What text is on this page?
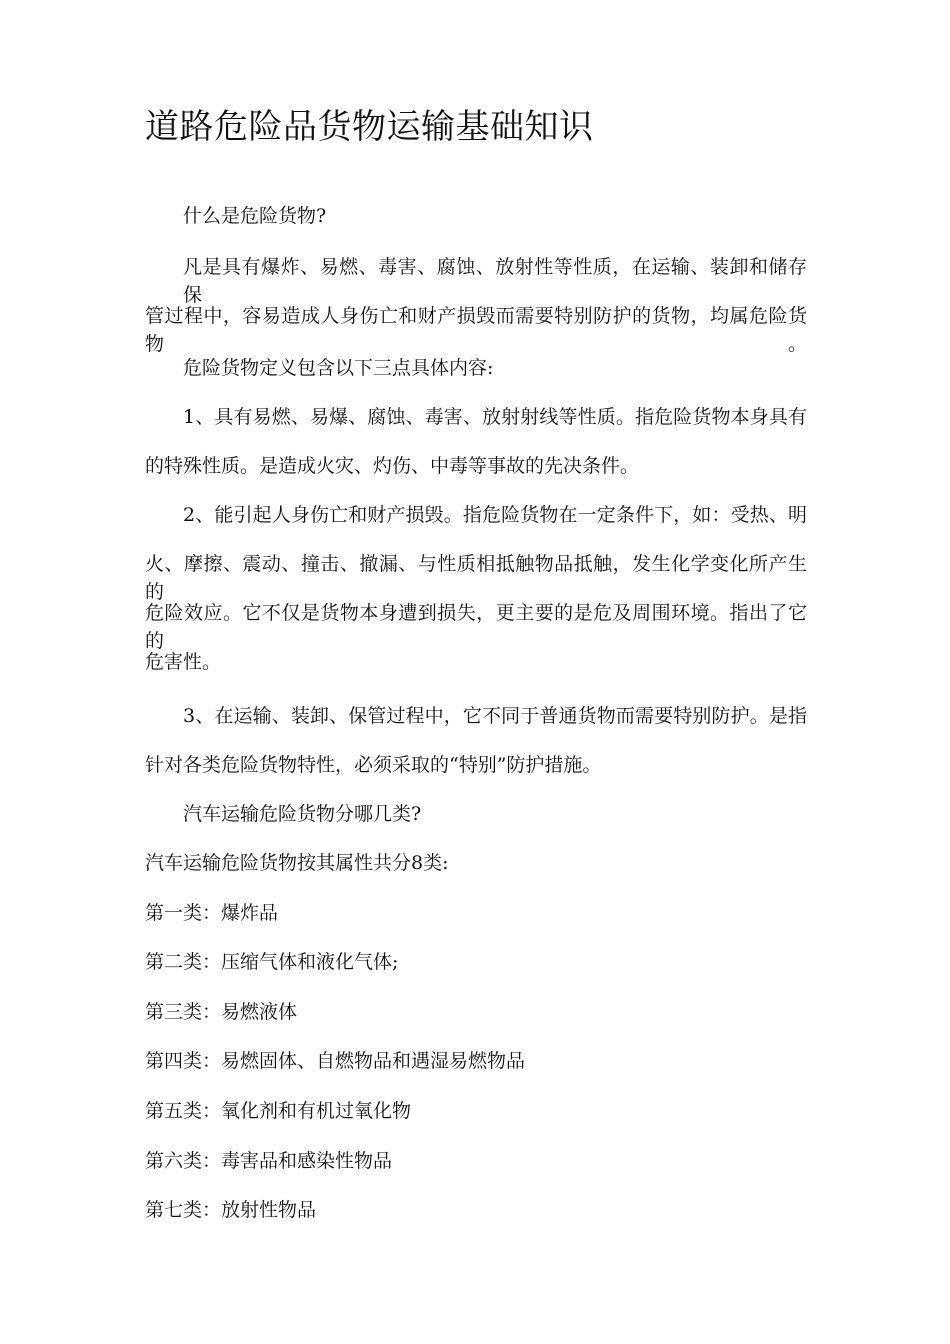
道路危险品货物运输基础知识
什么是危险货物?
凡是具有爆炸、易燃、毒害、腐蚀、放射性等性质，在运输、装卸和储存保
管过程中，容易造成人身伤亡和财产损毁而需要特别防护的货物，均属危险货物。
危险货物定义包含以下三点具体内容:
1、具有易燃、易爆、腐蚀、毒害、放射射线等性质。指危险货物本身具有
的特殊性质。是造成火灾、灼伤、中毒等事故的先决条件。
2、能引起人身伤亡和财产损毁。指危险货物在一定条件下，如：受热、明
火、摩擦、震动、撞击、撤漏、与性质相抵触物品抵触，发生化学变化所产生的
危险效应。它不仅是货物本身遭到损失，更主要的是危及周围环境。指出了它的
危害性。
3、在运输、装卸、保管过程中，它不同于普通货物而需要特别防护。是指
针对各类危险货物特性，必须采取的“特别”防护措施。
汽车运输危险货物分哪几类?
汽车运输危险货物按其属性共分8类:
第一类：爆炸品
第二类：压缩气体和液化气体;
第三类：易燃液体
第四类：易燃固体、自燃物品和遇湿易燃物品
第五类：氧化剂和有机过氧化物
第六类：毒害品和感染性物品
第七类：放射性物品
